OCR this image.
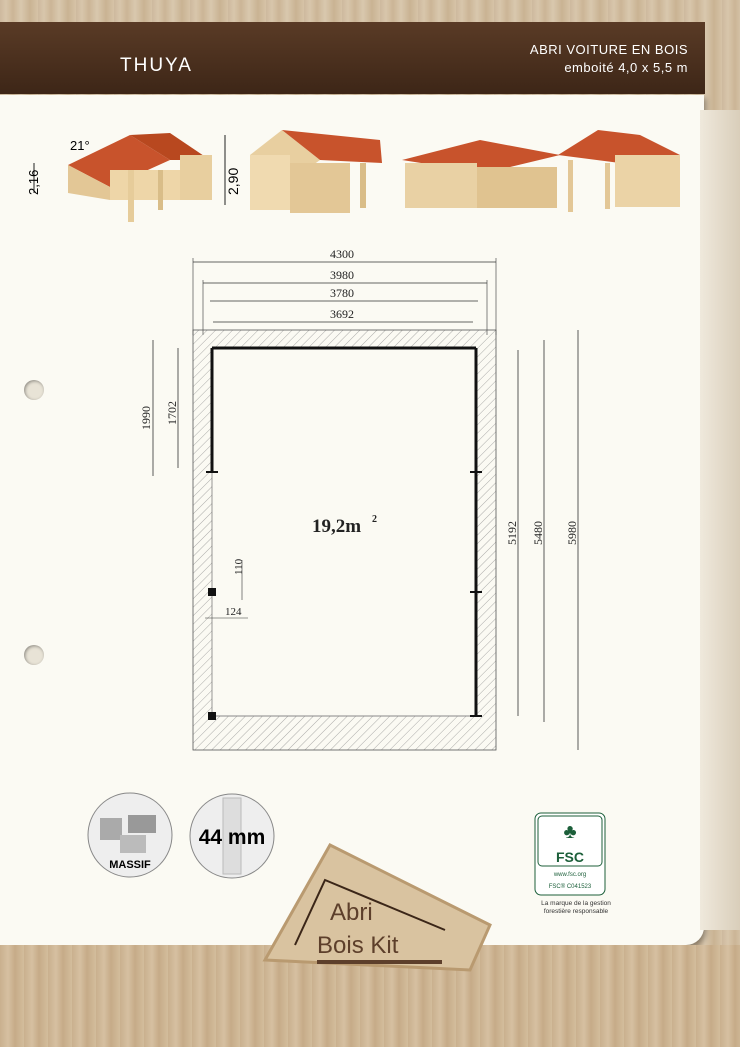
THUYA
ABRI VOITURE EN BOIS
emboité 4,0 x 5,5 m
21°
2,16	2,90
4300
3980
3780
3692
1990 1702
5192 5480 5980
19,2m 2
110
124
MASSIF
44 mm	♣
FSC
www.fsc.org
FSC® C041523
La marque de la gestion forestière responsable
Abri
Bois Kit
